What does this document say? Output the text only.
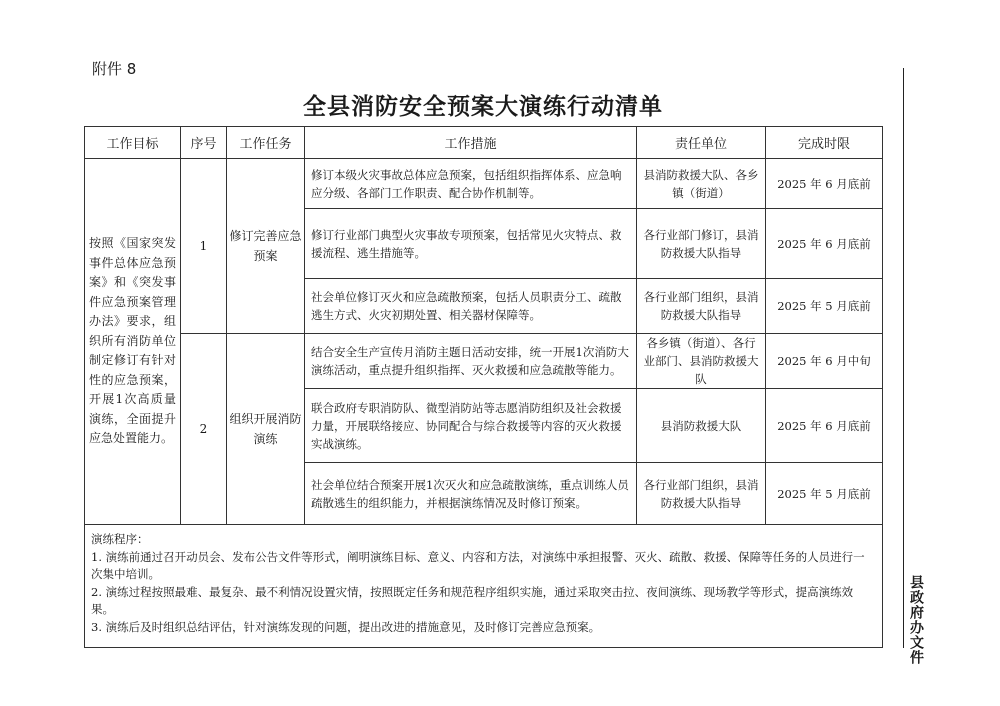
附件 8
全县消防安全预案大演练行动清单
县政府办文件
工作目标	序号	工作任务	工作措施	责任单位	完成时限
按照《国家突发事件总体应急预案》和《突发事件应急预案管理办法》要求，组织所有消防单位制定修订有针对性的应急预案，开展1次高质量演练，全面提升应急处置能力。	1	修订完善应急预案	修订本级火灾事故总体应急预案，包括组织指挥体系、应急响应分级、各部门工作职责、配合协作机制等。	县消防救援大队、各乡镇（街道）	2025 年 6 月底前
			修订行业部门典型火灾事故专项预案，包括常见火灾特点、救援流程、逃生措施等。	各行业部门修订，县消防救援大队指导	2025 年 6 月底前
			社会单位修订灭火和应急疏散预案，包括人员职责分工、疏散逃生方式、火灾初期处置、相关器材保障等。	各行业部门组织，县消防救援大队指导	2025 年 5 月底前
	2	组织开展消防演练	结合安全生产宣传月消防主题日活动安排，统一开展1次消防大演练活动，重点提升组织指挥、灭火救援和应急疏散等能力。	各乡镇（街道）、各行业部门、县消防救援大队	2025 年 6 月中旬
			联合政府专职消防队、微型消防站等志愿消防组织及社会救援力量，开展联络接应、协同配合与综合救援等内容的灭火救援实战演练。	县消防救援大队	2025 年 6 月底前
			社会单位结合预案开展1次灭火和应急疏散演练，重点训练人员疏散逃生的组织能力，并根据演练情况及时修订预案。	各行业部门组织，县消防救援大队指导	2025 年 5 月底前

演练程序：
1. 演练前通过召开动员会、发布公告文件等形式，阐明演练目标、意义、内容和方法，对演练中承担报警、灭火、疏散、救援、保障等任务的人员进行一次集中培训。
2. 演练过程按照最难、最复杂、最不利情况设置灾情，按照既定任务和规范程序组织实施，通过采取突击拉、夜间演练、现场教学等形式，提高演练效果。
3. 演练后及时组织总结评估，针对演练发现的问题，提出改进的措施意见，及时修订完善应急预案。					
